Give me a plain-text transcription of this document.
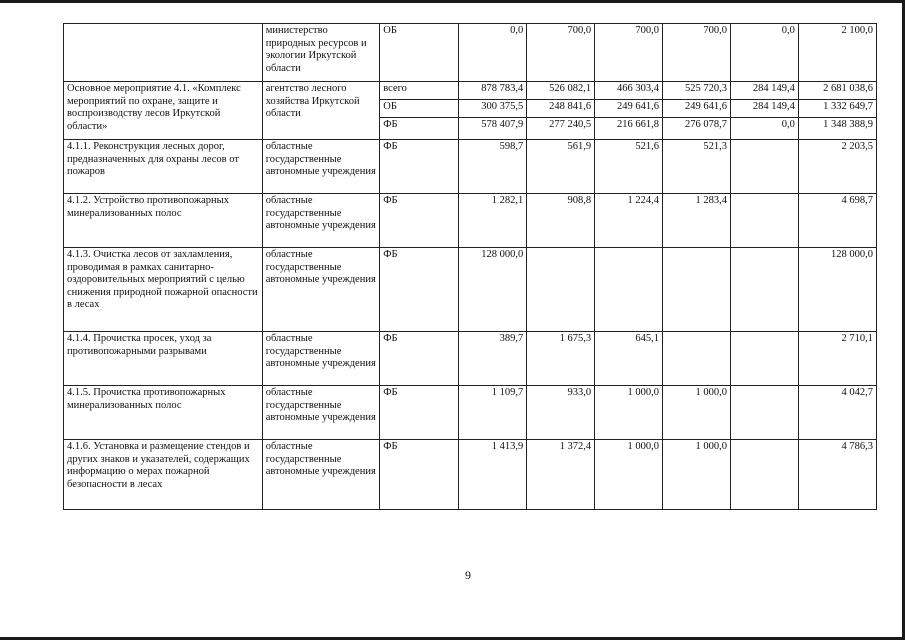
	министерство природных ресурсов и экологии Иркутской области	ОБ	0,0	700,0	700,0	700,0	0,0	2 100,0
Основное мероприятие 4.1. «Комплекс мероприятий по охране, защите и воспроизводству лесов Иркутской области»	агентство лесного хозяйства Иркутской области	всего	878 783,4	526 082,1	466 303,4	525 720,3	284 149,4	2 681 038,6
		ОБ	300 375,5	248 841,6	249 641,6	249 641,6	284 149,4	1 332 649,7
		ФБ	578 407,9	277 240,5	216 661,8	276 078,7	0,0	1 348 388,9
4.1.1. Реконструкция лесных дорог, предназначенных для охраны лесов от пожаров	областные государственные автономные учреждения	ФБ	598,7	561,9	521,6	521,3		2 203,5
4.1.2. Устройство противопожарных минерализованных полос	областные государственные автономные учреждения	ФБ	1 282,1	908,8	1 224,4	1 283,4		4 698,7
4.1.3. Очистка лесов от захламления, проводимая в рамках санитарно-оздоровительных мероприятий с целью снижения природной пожарной опасности в лесах	областные государственные автономные учреждения	ФБ	128 000,0					128 000,0
4.1.4. Прочистка просек, уход за противопожарными разрывами	областные государственные автономные учреждения	ФБ	389,7	1 675,3	645,1			2 710,1
4.1.5. Прочистка противопожарных минерализованных полос	областные государственные автономные учреждения	ФБ	1 109,7	933,0	1 000,0	1 000,0		4 042,7
4.1.6. Установка и размещение стендов и других знаков и указателей, содержащих информацию о мерах пожарной безопасности в лесах	областные государственные автономные учреждения	ФБ	1 413,9	1 372,4	1 000,0	1 000,0		4 786,3
9
